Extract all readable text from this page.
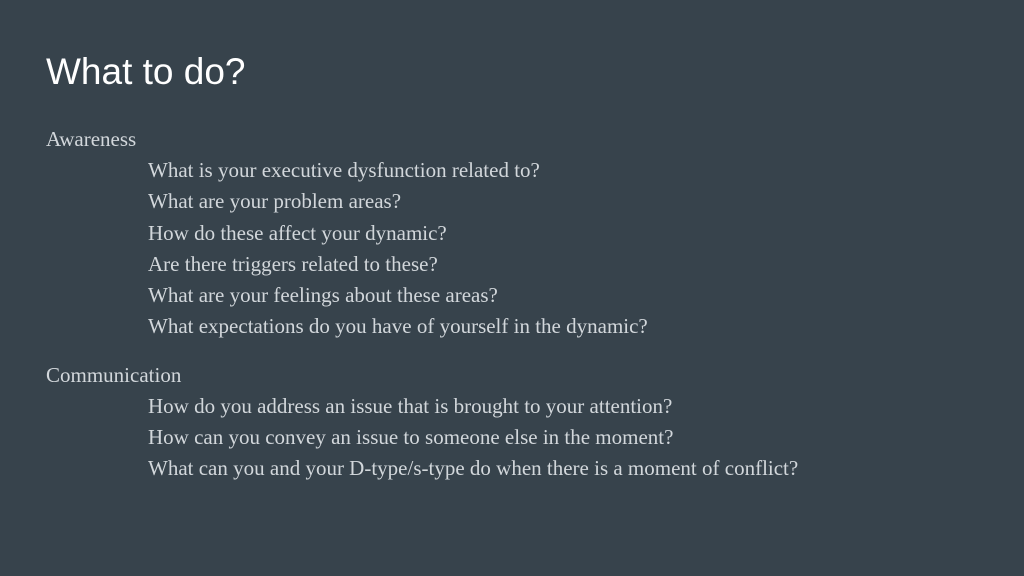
What to do?
Awareness
What is your executive dysfunction related to?
What are your problem areas?
How do these affect your dynamic?
Are there triggers related to these?
What are your feelings about these areas?
What expectations do you have of yourself in the dynamic?
Communication
How do you address an issue that is brought to your attention?
How can you convey an issue to someone else in the moment?
What can you and your D-type/s-type do when there is a moment of conflict?
